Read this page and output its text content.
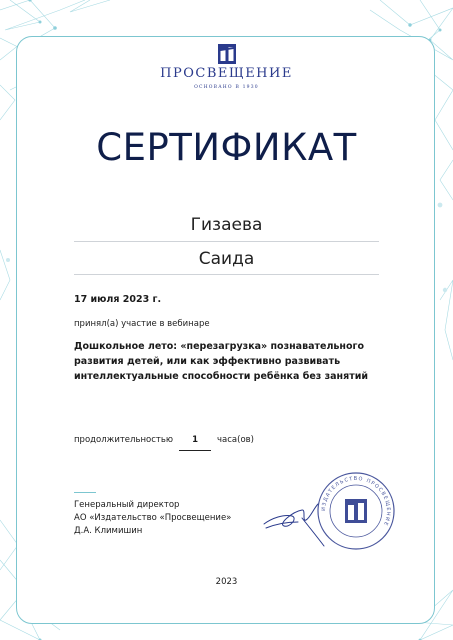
ПРОСВЕЩЕНИЕ
ОСНОВАНО В 1930
СЕРТИФИКАТ
Гизаева
Саида
17 июля 2023 г.
принял(а) участие в вебинаре
Дошкольное лето: «перезагрузка» познавательного развития детей, или как эффективно развивать интеллектуальные способности ребёнка без занятий
продолжительностью	1	часа(ов)
Генеральный директор
АО «Издательство «Просвещение»
Д.А. Климишин
ИЗДАТЕЛЬСТВО ПРОСВЕЩЕНИЕ
2023
